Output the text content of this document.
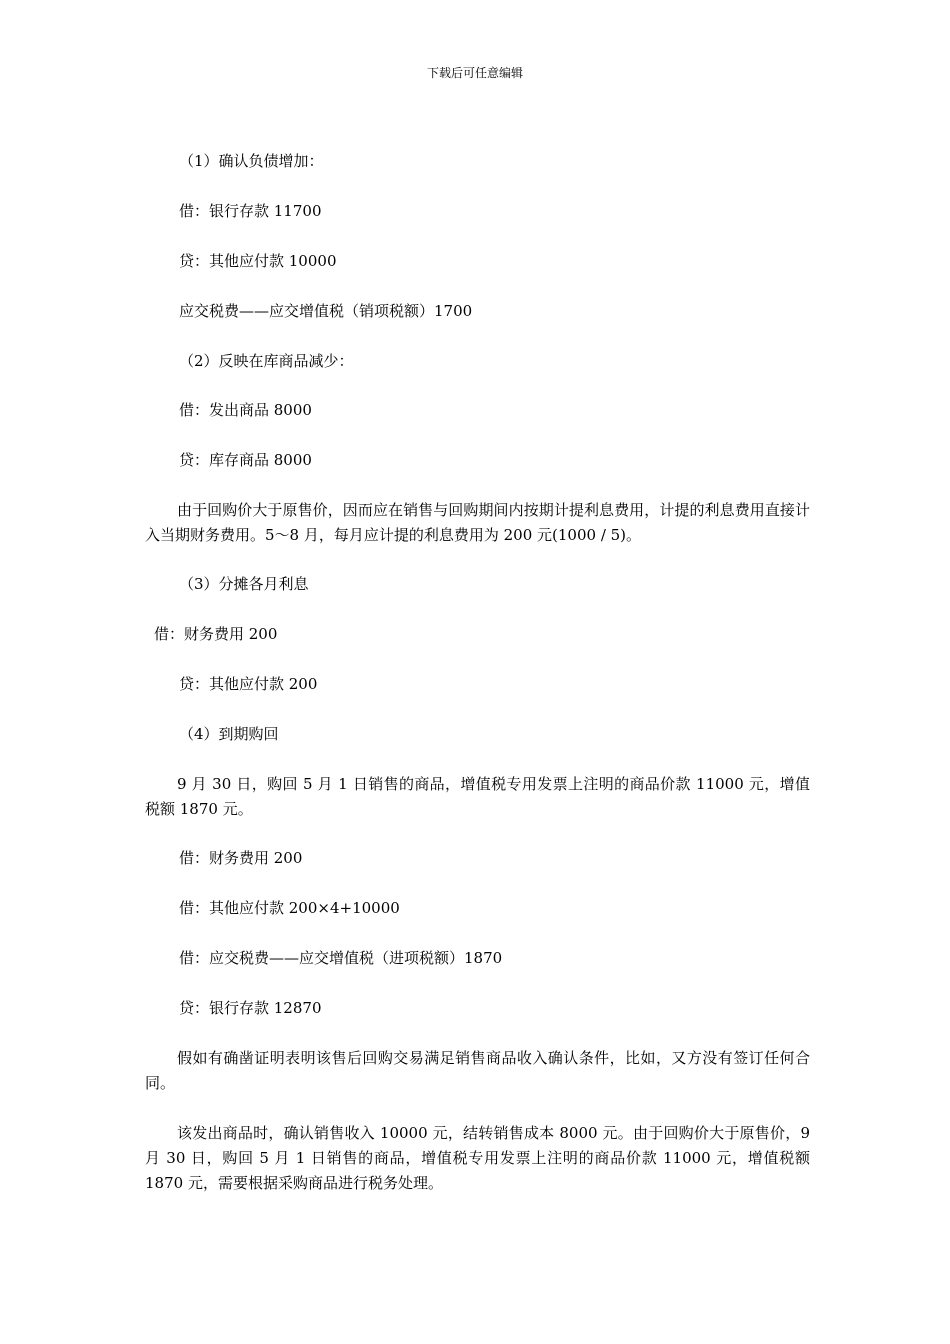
下载后可任意编辑
（1）确认负债增加：
借：银行存款 11700
贷：其他应付款 10000
应交税费——应交增值税（销项税额）1700
（2）反映在库商品减少：
借：发出商品 8000
贷：库存商品 8000
由于回购价大于原售价，因而应在销售与回购期间内按期计提利息费用，计提的利息费用直接计入当期财务费用。5～8 月，每月应计提的利息费用为 200 元(1000 / 5)。
（3）分摊各月利息
借：财务费用 200
贷：其他应付款 200
（4）到期购回
9 月 30 日，购回 5 月 1 日销售的商品，增值税专用发票上注明的商品价款 11000 元，增值税额 1870 元。
借：财务费用 200
借：其他应付款 200×4+10000
借：应交税费——应交增值税（进项税额）1870
贷：银行存款 12870
假如有确凿证明表明该售后回购交易满足销售商品收入确认条件，比如，又方没有签订任何合同。
该发出商品时，确认销售收入 10000 元，结转销售成本 8000 元。由于回购价大于原售价，9 月 30 日，购回 5 月 1 日销售的商品，增值税专用发票上注明的商品价款 11000 元，增值税额 1870 元，需要根据采购商品进行税务处理。
